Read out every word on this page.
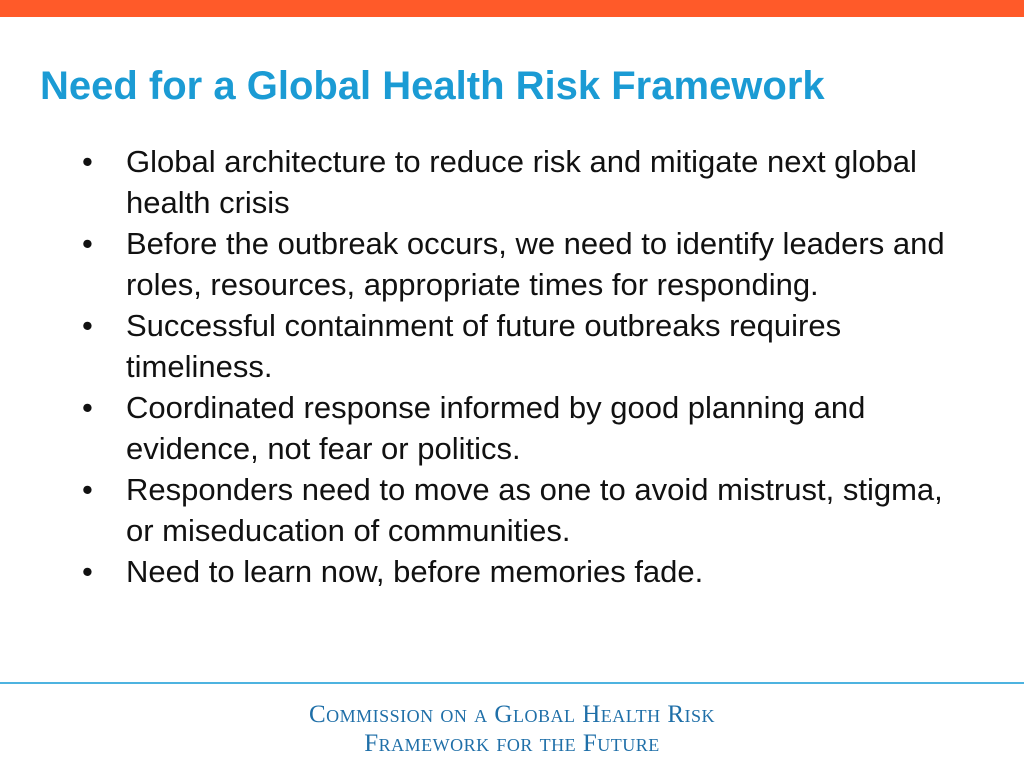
Need for a Global Health Risk Framework
•	Global architecture to reduce risk and mitigate next global health crisis
•	Before the outbreak occurs, we need to identify leaders and roles, resources, appropriate times for responding.
•	Successful containment of future outbreaks requires timeliness.
•	Coordinated response informed by good planning and evidence, not fear or politics.
•	Responders need to move as one to avoid mistrust, stigma, or miseducation of communities.
•	Need to learn now, before memories fade.
Commission on a Global Health Risk
Framework for the Future
